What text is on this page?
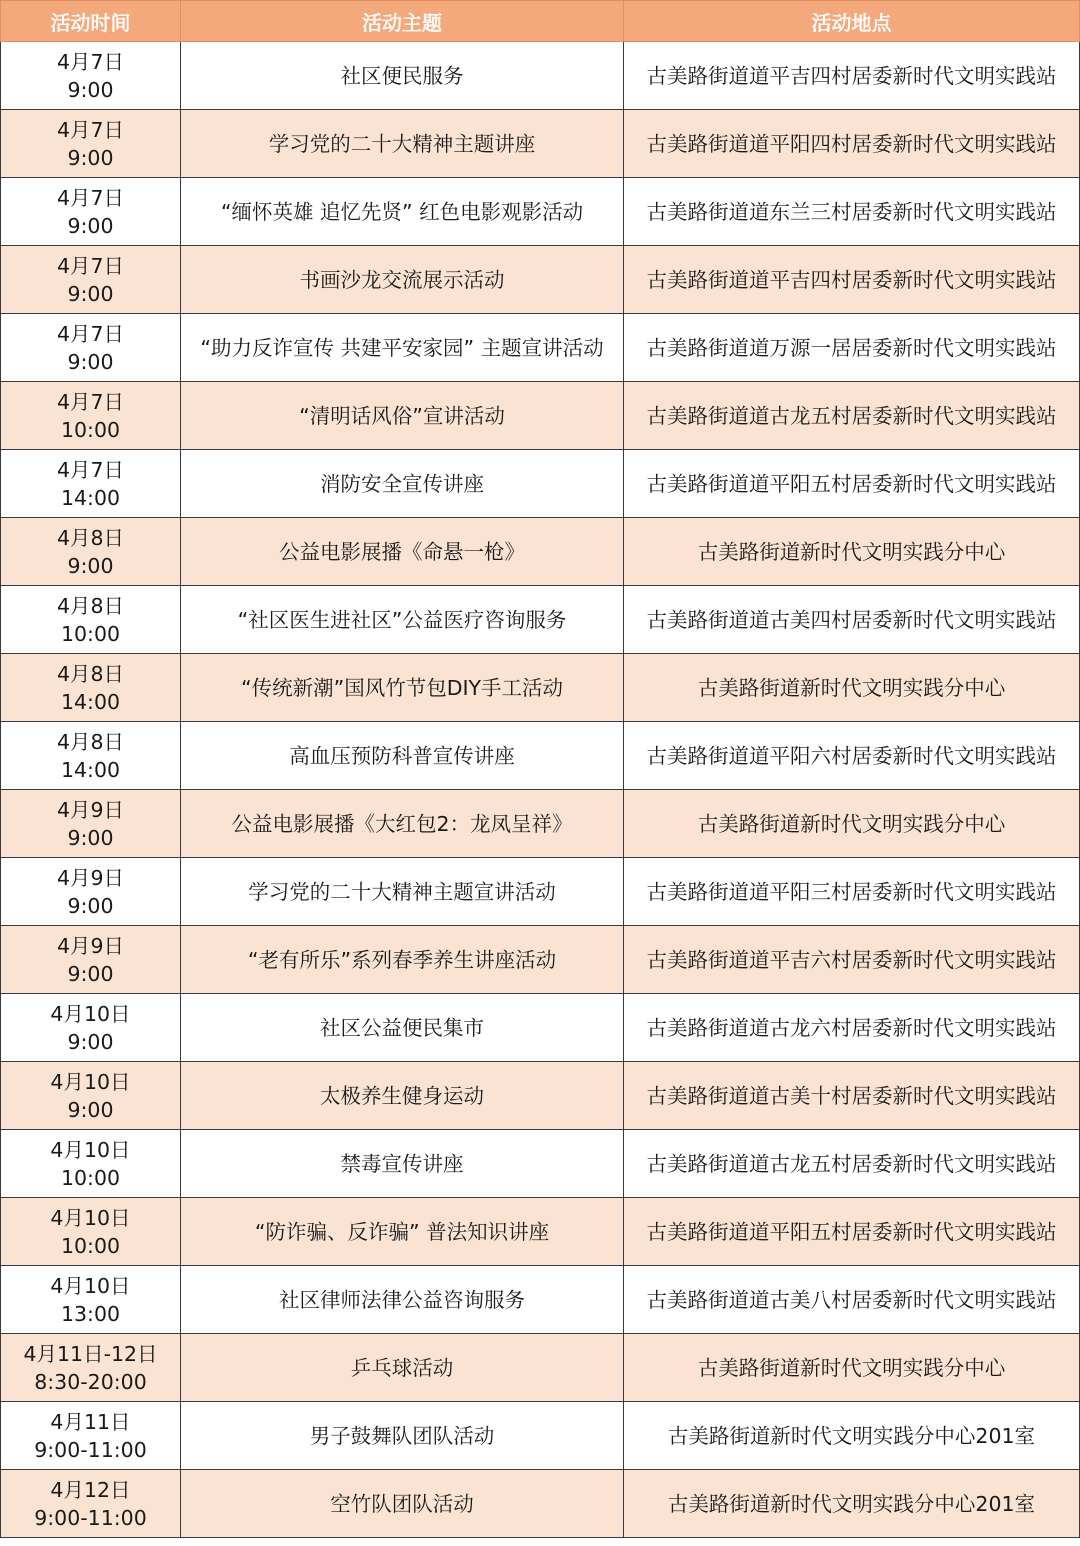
活动时间	活动主题	活动地点

4月7日
9:00	社区便民服务	古美路街道道平吉四村居委新时代文明实践站

4月7日
9:00	学习党的二十大精神主题讲座	古美路街道道平阳四村居委新时代文明实践站

4月7日
9:00	“缅怀英雄 追忆先贤” 红色电影观影活动	古美路街道道东兰三村居委新时代文明实践站

4月7日
9:00	书画沙龙交流展示活动	古美路街道道平吉四村居委新时代文明实践站

4月7日
9:00	“助力反诈宣传 共建平安家园” 主题宣讲活动	古美路街道道万源一居居委新时代文明实践站

4月7日
10:00	“清明话风俗”宣讲活动	古美路街道道古龙五村居委新时代文明实践站

4月7日
14:00	消防安全宣传讲座	古美路街道道平阳五村居委新时代文明实践站

4月8日
9:00	公益电影展播《命悬一枪》	古美路街道新时代文明实践分中心

4月8日
10:00	“社区医生进社区”公益医疗咨询服务	古美路街道道古美四村居委新时代文明实践站

4月8日
14:00	“传统新潮”国风竹节包DIY手工活动	古美路街道新时代文明实践分中心

4月8日
14:00	高血压预防科普宣传讲座	古美路街道道平阳六村居委新时代文明实践站

4月9日
9:00	公益电影展播《大红包2：龙凤呈祥》	古美路街道新时代文明实践分中心

4月9日
9:00	学习党的二十大精神主题宣讲活动	古美路街道道平阳三村居委新时代文明实践站

4月9日
9:00	“老有所乐”系列春季养生讲座活动	古美路街道道平吉六村居委新时代文明实践站

4月10日
9:00	社区公益便民集市	古美路街道道古龙六村居委新时代文明实践站

4月10日
9:00	太极养生健身运动	古美路街道道古美十村居委新时代文明实践站

4月10日
10:00	禁毒宣传讲座	古美路街道道古龙五村居委新时代文明实践站

4月10日
10:00	“防诈骗、反诈骗” 普法知识讲座	古美路街道道平阳五村居委新时代文明实践站

4月10日
13:00	社区律师法律公益咨询服务	古美路街道道古美八村居委新时代文明实践站

4月11日-12日
8:30-20:00	乒乓球活动	古美路街道新时代文明实践分中心

4月11日
9:00-11:00	男子鼓舞队团队活动	古美路街道新时代文明实践分中心201室

4月12日
9:00-11:00	空竹队团队活动	古美路街道新时代文明实践分中心201室
